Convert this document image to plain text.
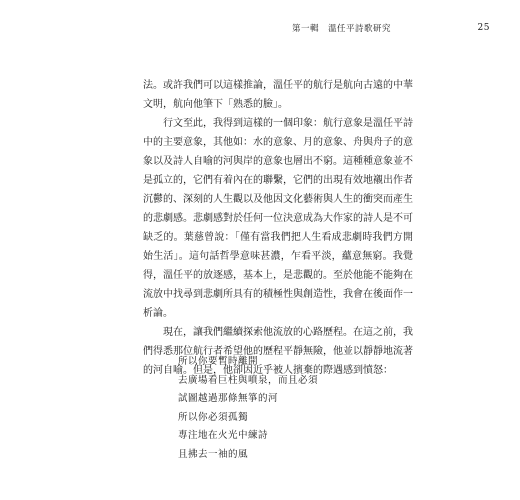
第一輯　溫任平詩歌研究	25

法。或許我們可以這樣推論，溫任平的航行是航向古遠的中華文明，航向他筆下「熟悉的臉」。

行文至此，我得到這樣的一個印象：航行意象是溫任平詩中的主要意象，其他如：水的意象、月的意象、舟與舟子的意象以及詩人自喻的河與岸的意象也層出不窮。這種種意象並不是孤立的，它們有着內在的聯繫，它們的出現有效地襯出作者沉鬱的、深刻的人生觀以及他因文化藝術與人生的衝突而產生的悲劇感。悲劇感對於任何一位決意成為大作家的詩人是不可缺乏的。葉慈曾說：「僅有當我們把人生看成悲劇時我們方開始生活」。這句話哲學意味甚濃，乍看平淡，蘊意無窮。我覺得，溫任平的放逐感，基本上，是悲觀的。至於他能不能夠在流放中找尋到悲劇所具有的積極性與創造性，我會在後面作一析論。

現在，讓我們繼續探索他流放的心路歷程。在這之前，我們得悉那位航行者希望他的歷程平靜無險，他並以靜靜地流著的河自喻。但是，他卻因近乎被人擯棄的際遇感到憤怒：

所以你要暫時離開
去廣場看巨柱與噴泉，而且必須
試圖越過那條無箏的河
所以你必須孤獨
專注地在火光中練詩
且拂去一袖的風
